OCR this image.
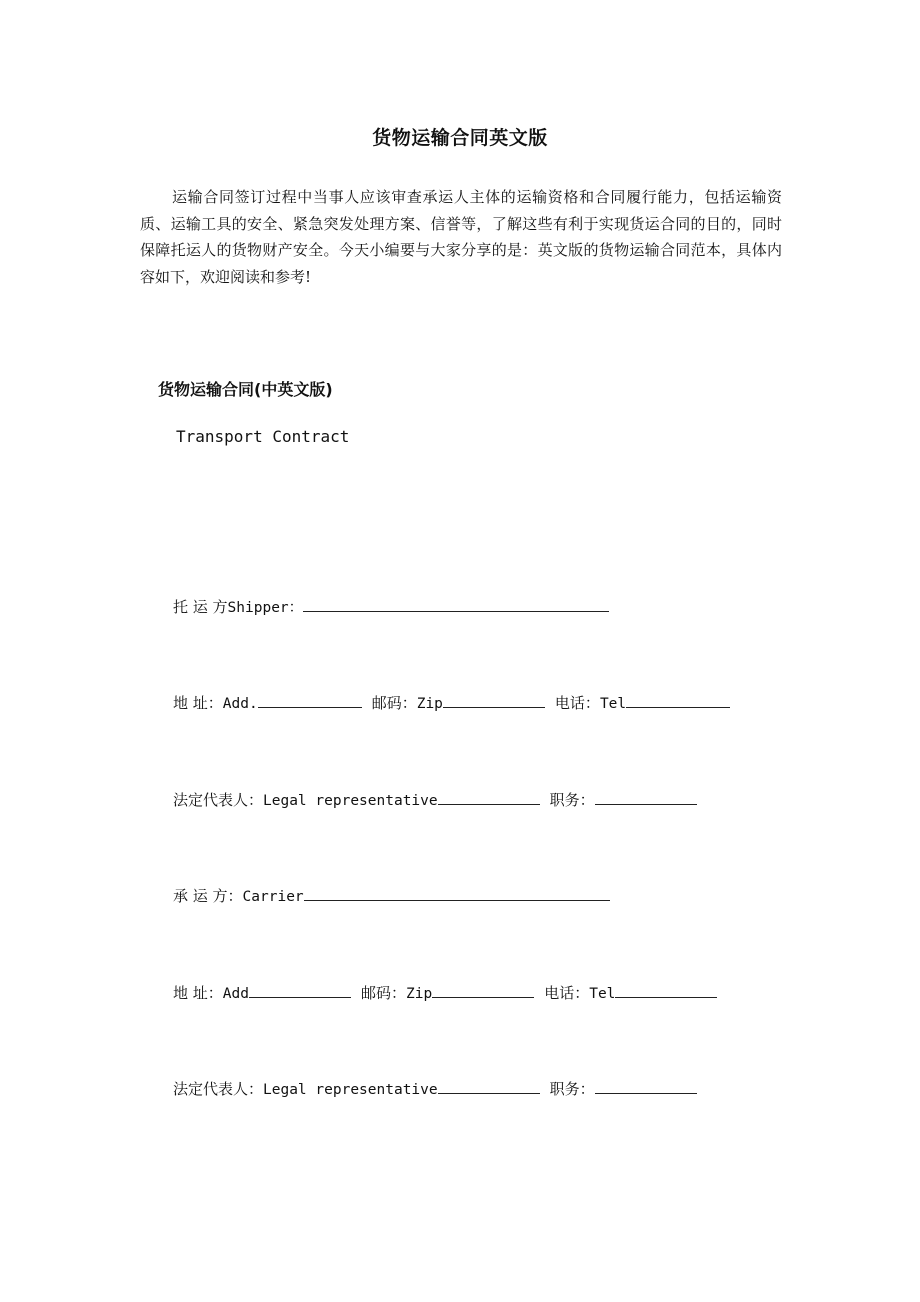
货物运输合同英文版

运输合同签订过程中当事人应该审查承运人主体的运输资格和合同履行能力，包括运输资质、运输工具的安全、紧急突发处理方案、信誉等，了解这些有利于实现货运合同的目的，同时保障托运人的货物财产安全。今天小编要与大家分享的是：英文版的货物运输合同范本，具体内容如下，欢迎阅读和参考!

货物运输合同(中英文版)
Transport Contract
托 运 方Shipper：
地 址：Add.	邮码：Zip	电话：Tel
法定代表人：Legal representative	职务：
承 运 方：Carrier
地 址：Add	邮码：Zip	电话：Tel
法定代表人：Legal representative	职务：
